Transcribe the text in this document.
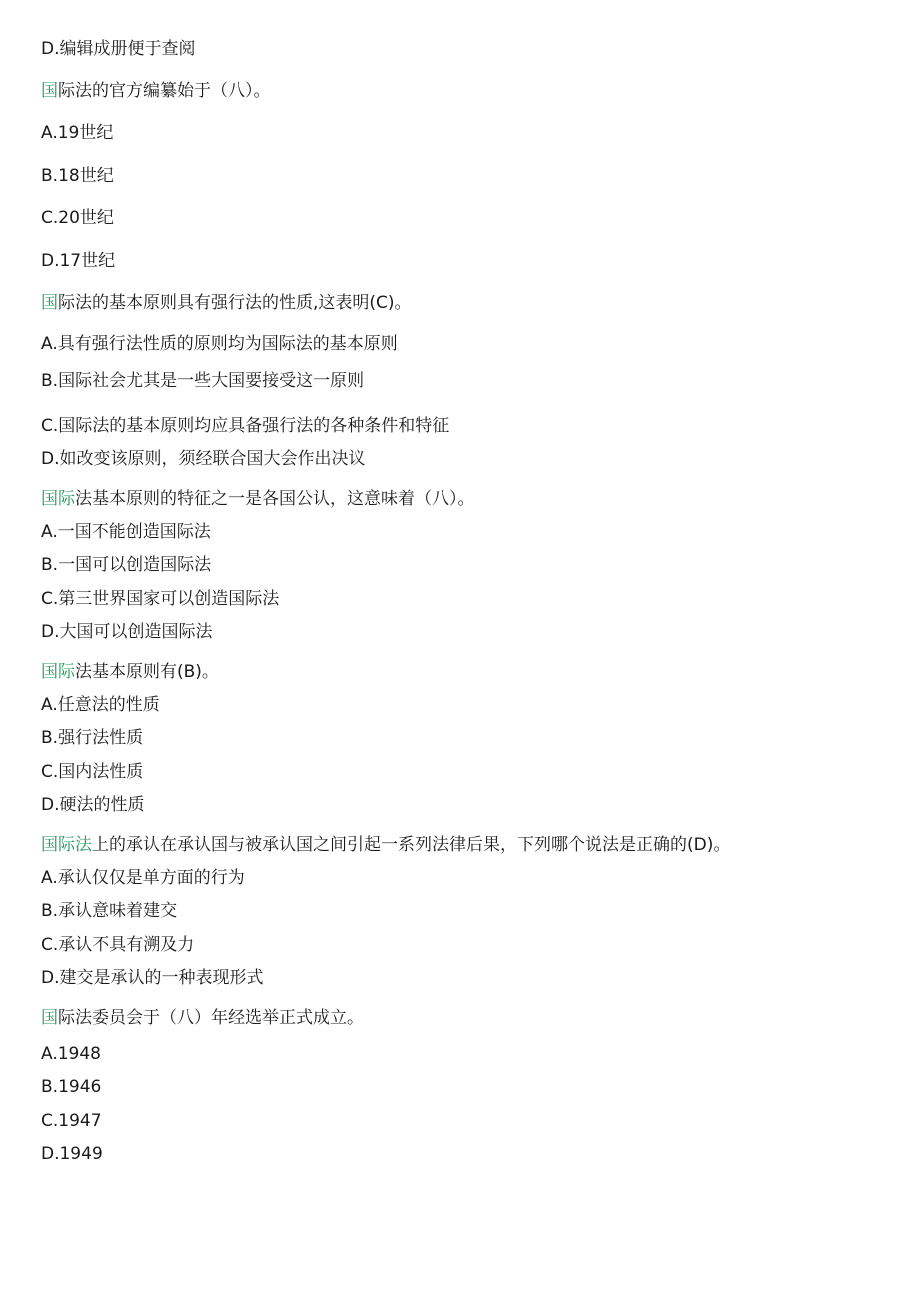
D.编辑成册便于查阅
国际法的官方编纂始于（八）。
A.19世纪
B.18世纪
C.20世纪
D.17世纪
国际法的基本原则具有强行法的性质,这表明(C)。
A.具有强行法性质的原则均为国际法的基本原则
B.国际社会尤其是一些大国要接受这一原则
C.国际法的基本原则均应具备强行法的各种条件和特征
D.如改变该原则，须经联合国大会作出决议
国际法基本原则的特征之一是各国公认，这意味着（八）。
A.一国不能创造国际法
B.一国可以创造国际法
C.第三世界国家可以创造国际法
D.大国可以创造国际法
国际法基本原则有(B)。
A.任意法的性质
B.强行法性质
C.国内法性质
D.硬法的性质
国际法上的承认在承认国与被承认国之间引起一系列法律后果，下列哪个说法是正确的(D)。
A.承认仅仅是单方面的行为
B.承认意味着建交
C.承认不具有溯及力
D.建交是承认的一种表现形式
国际法委员会于（八）年经选举正式成立。
A.1948
B.1946
C.1947
D.1949
